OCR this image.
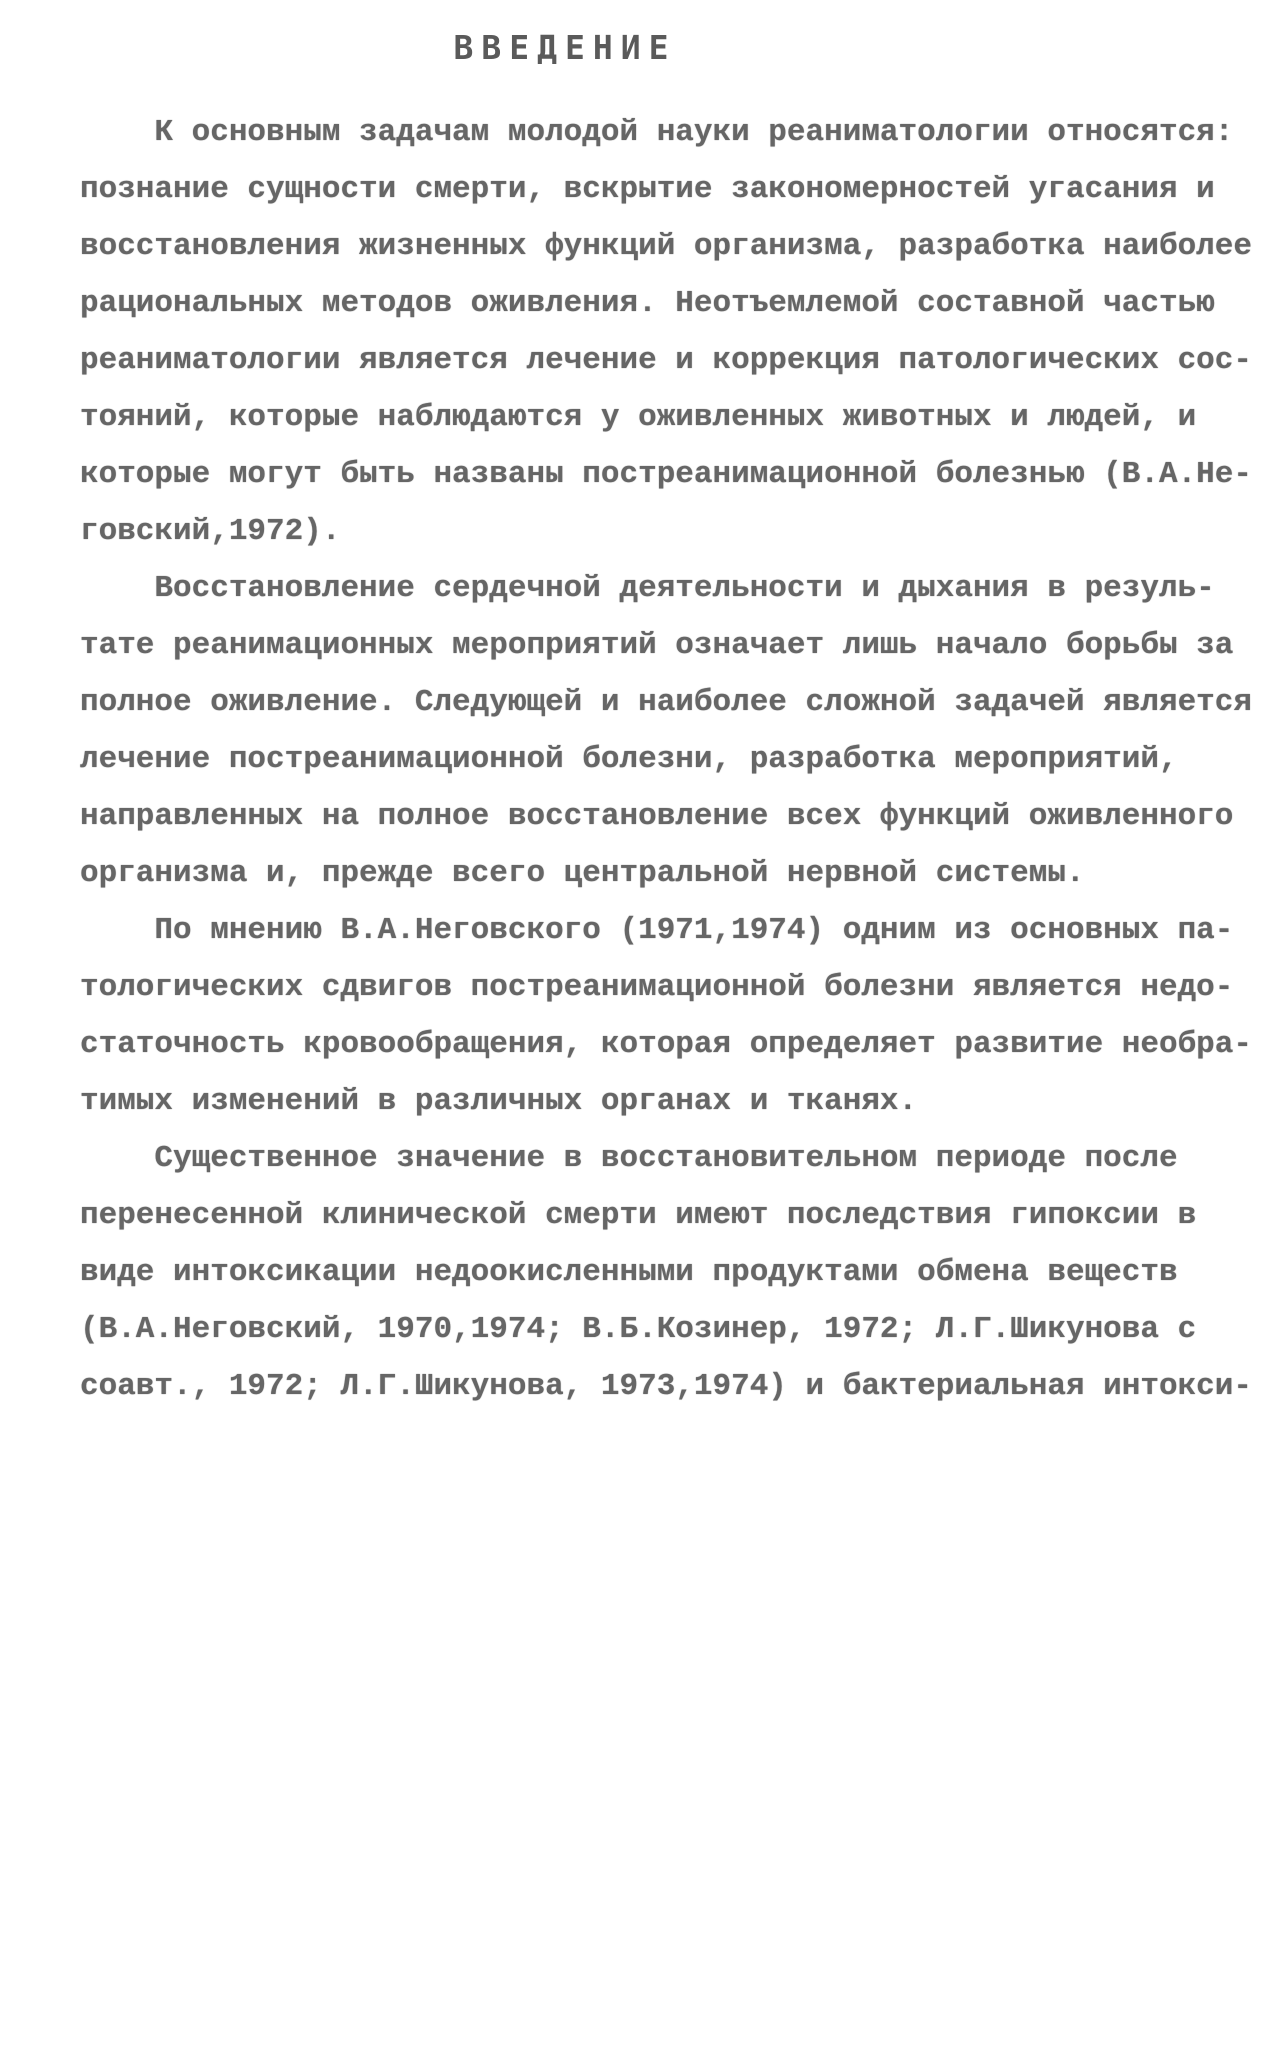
ВВЕДЕНИЕ
К основным задачам молодой науки реаниматологии относятся:
познание сущности смерти, вскрытие закономерностей угасания и
восстановления жизненных функций организма, разработка наиболее
рациональных методов оживления. Неотъемлемой составной частью
реаниматологии является лечение и коррекция патологических сос-
тояний, которые наблюдаются у оживленных животных и людей, и
которые могут быть названы постреанимационной болезнью (В.А.Не-
говский,1972).
Восстановление сердечной деятельности и дыхания в резуль-
тате реанимационных мероприятий означает лишь начало борьбы за
полное оживление. Следующей и наиболее сложной задачей является
лечение постреанимационной болезни, разработка мероприятий,
направленных на полное восстановление всех функций оживленного
организма и, прежде всего центральной нервной системы.
По мнению В.А.Неговского (1971,1974) одним из основных па-
тологических сдвигов постреанимационной болезни является недо-
статочность кровообращения, которая определяет развитие необра-
тимых изменений в различных органах и тканях.
Существенное значение в восстановительном периоде после
перенесенной клинической смерти имеют последствия гипоксии в
виде интоксикации недоокисленными продуктами обмена веществ
(В.А.Неговский, 1970,1974; В.Б.Козинер, 1972; Л.Г.Шикунова с
соавт., 1972; Л.Г.Шикунова, 1973,1974) и бактериальная интокси-
